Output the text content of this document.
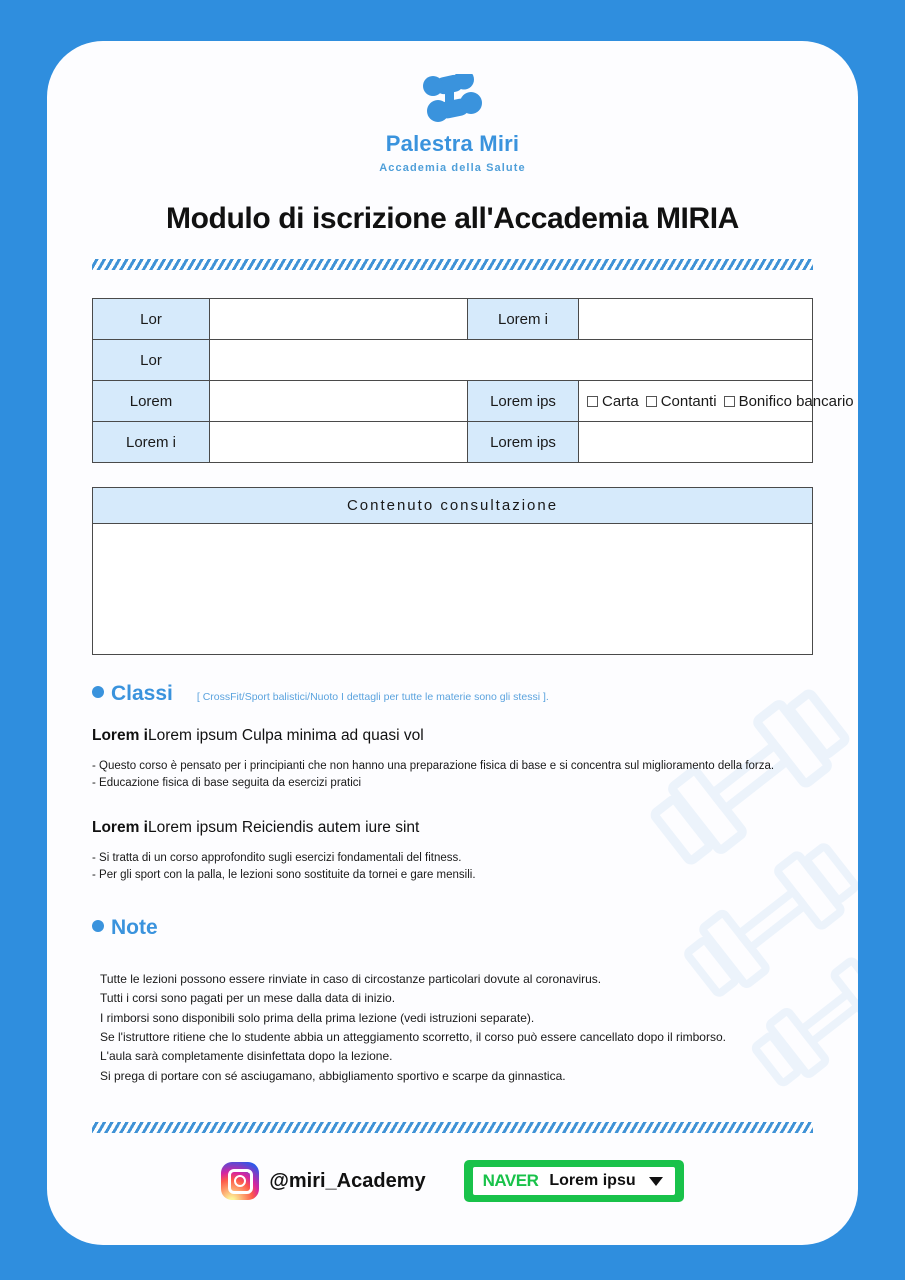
Palestra Miri
Accademia della Salute
Modulo di iscrizione all'Accademia MIRIA
Lor		Lorem i	
Lor			
Lorem		Lorem ips	Carta Contanti Bonifico bancario
Lorem i		Lorem ips	
Contenuto consultazione
Classi [ CrossFit/Sport balistici/Nuoto I dettagli per tutte le materie sono gli stessi ].
Lorem iLorem ipsum Culpa minima ad quasi vol
- Questo corso è pensato per i principianti che non hanno una preparazione fisica di base e si concentra sul miglioramento della forza.
- Educazione fisica di base seguita da esercizi pratici
Lorem iLorem ipsum Reiciendis autem iure sint
- Si tratta di un corso approfondito sugli esercizi fondamentali del fitness.
- Per gli sport con la palla, le lezioni sono sostituite da tornei e gare mensili.
Note
Tutte le lezioni possono essere rinviate in caso di circostanze particolari dovute al coronavirus.
Tutti i corsi sono pagati per un mese dalla data di inizio.
I rimborsi sono disponibili solo prima della prima lezione (vedi istruzioni separate).
Se l'istruttore ritiene che lo studente abbia un atteggiamento scorretto, il corso può essere cancellato dopo il rimborso.
L'aula sarà completamente disinfettata dopo la lezione.
Si prega di portare con sé asciugamano, abbigliamento sportivo e scarpe da ginnastica.
@miri_Academy	NAVER Lorem ipsu
